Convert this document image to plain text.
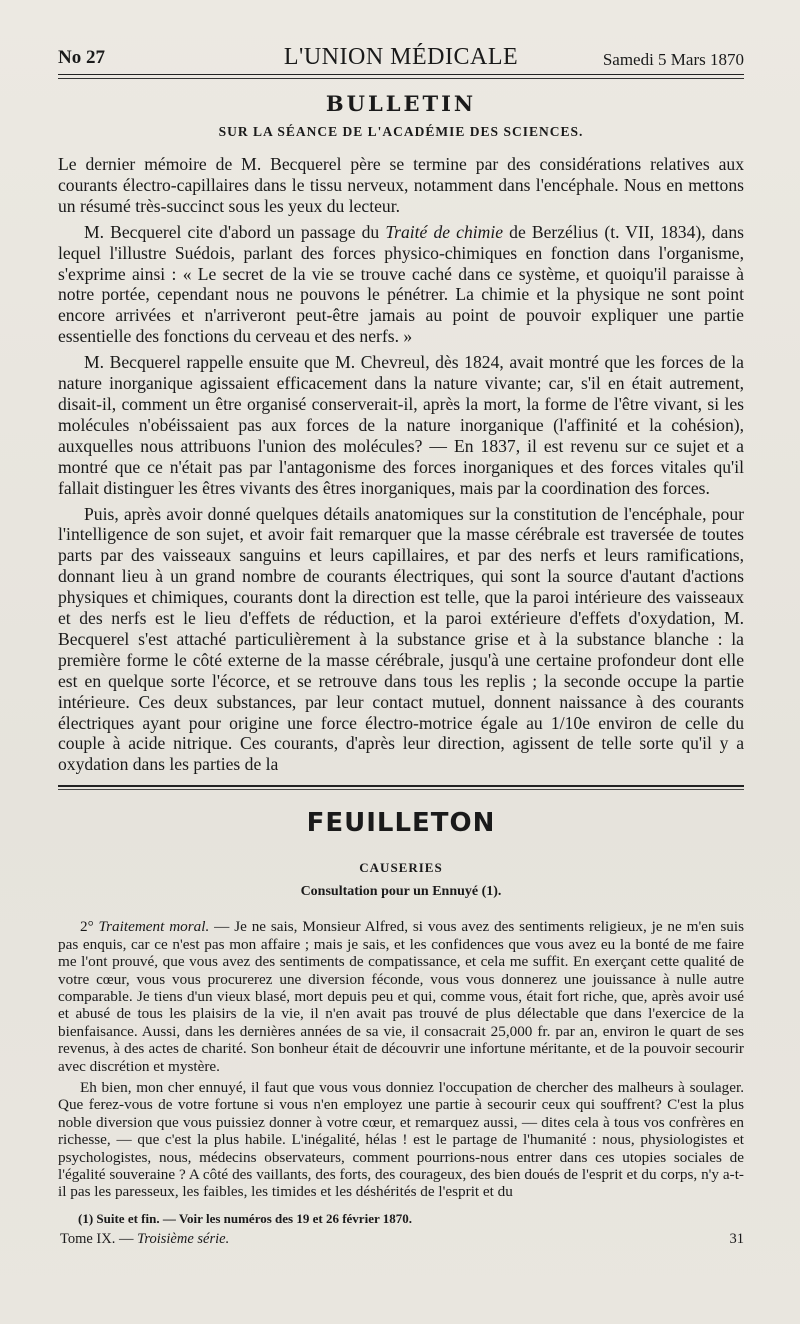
No 27	L'UNION MÉDICALE	Samedi 5 Mars 1870
BULLETIN
SUR LA SÉANCE DE L'ACADÉMIE DES SCIENCES.

Le dernier mémoire de M. Becquerel père se termine par des considérations relatives aux courants électro-capillaires dans le tissu nerveux, notamment dans l'encéphale. Nous en mettons un résumé très-succinct sous les yeux du lecteur.

M. Becquerel cite d'abord un passage du Traité de chimie de Berzélius (t. VII, 1834), dans lequel l'illustre Suédois, parlant des forces physico-chimiques en fonction dans l'organisme, s'exprime ainsi : « Le secret de la vie se trouve caché dans ce système, et quoiqu'il paraisse à notre portée, cependant nous ne pouvons le pénétrer. La chimie et la physique ne sont point encore arrivées et n'arriveront peut-être jamais au point de pouvoir expliquer une partie essentielle des fonctions du cerveau et des nerfs. »

M. Becquerel rappelle ensuite que M. Chevreul, dès 1824, avait montré que les forces de la nature inorganique agissaient efficacement dans la nature vivante; car, s'il en était autrement, disait-il, comment un être organisé conserverait-il, après la mort, la forme de l'être vivant, si les molécules n'obéissaient pas aux forces de la nature inorganique (l'affinité et la cohésion), auxquelles nous attribuons l'union des molécules? — En 1837, il est revenu sur ce sujet et a montré que ce n'était pas par l'antagonisme des forces inorganiques et des forces vitales qu'il fallait distinguer les êtres vivants des êtres inorganiques, mais par la coordination des forces.

Puis, après avoir donné quelques détails anatomiques sur la constitution de l'encéphale, pour l'intelligence de son sujet, et avoir fait remarquer que la masse cérébrale est traversée de toutes parts par des vaisseaux sanguins et leurs capillaires, et par des nerfs et leurs ramifications, donnant lieu à un grand nombre de courants électriques, qui sont la source d'autant d'actions physiques et chimiques, courants dont la direction est telle, que la paroi intérieure des vaisseaux et des nerfs est le lieu d'effets de réduction, et la paroi extérieure d'effets d'oxydation, M. Becquerel s'est attaché particulièrement à la substance grise et à la substance blanche : la première forme le côté externe de la masse cérébrale, jusqu'à une certaine profondeur dont elle est en quelque sorte l'écorce, et se retrouve dans tous les replis ; la seconde occupe la partie intérieure. Ces deux substances, par leur contact mutuel, donnent naissance à des courants électriques ayant pour origine une force électro-motrice égale au 1/10e environ de celle du couple à acide nitrique. Ces courants, d'après leur direction, agissent de telle sorte qu'il y a oxydation dans les parties de la

FEUILLETON
CAUSERIES
Consultation pour un Ennuyé (1).

2° Traitement moral. — Je ne sais, Monsieur Alfred, si vous avez des sentiments religieux, je ne m'en suis pas enquis, car ce n'est pas mon affaire ; mais je sais, et les confidences que vous avez eu la bonté de me faire me l'ont prouvé, que vous avez des sentiments de compatissance, et cela me suffit. En exerçant cette qualité de votre cœur, vous vous procurerez une diversion féconde, vous vous donnerez une jouissance à nulle autre comparable. Je tiens d'un vieux blasé, mort depuis peu et qui, comme vous, était fort riche, que, après avoir usé et abusé de tous les plaisirs de la vie, il n'en avait pas trouvé de plus délectable que dans l'exercice de la bienfaisance. Aussi, dans les dernières années de sa vie, il consacrait 25,000 fr. par an, environ le quart de ses revenus, à des actes de charité. Son bonheur était de découvrir une infortune méritante, et de la pouvoir secourir avec discrétion et mystère.

Eh bien, mon cher ennuyé, il faut que vous vous donniez l'occupation de chercher des malheurs à soulager. Que ferez-vous de votre fortune si vous n'en employez une partie à secourir ceux qui souffrent? C'est la plus noble diversion que vous puissiez donner à votre cœur, et remarquez aussi, — dites cela à tous vos confrères en richesse, — que c'est la plus habile. L'inégalité, hélas ! est le partage de l'humanité : nous, physiologistes et psychologistes, nous, médecins observateurs, comment pourrions-nous entrer dans ces utopies sociales de l'égalité souveraine ? A côté des vaillants, des forts, des courageux, des bien doués de l'esprit et du corps, n'y a-t-il pas les paresseux, les faibles, les timides et les déshérités de l'esprit et du

(1) Suite et fin. — Voir les numéros des 19 et 26 février 1870.
Tome IX. — Troisième série.	31
